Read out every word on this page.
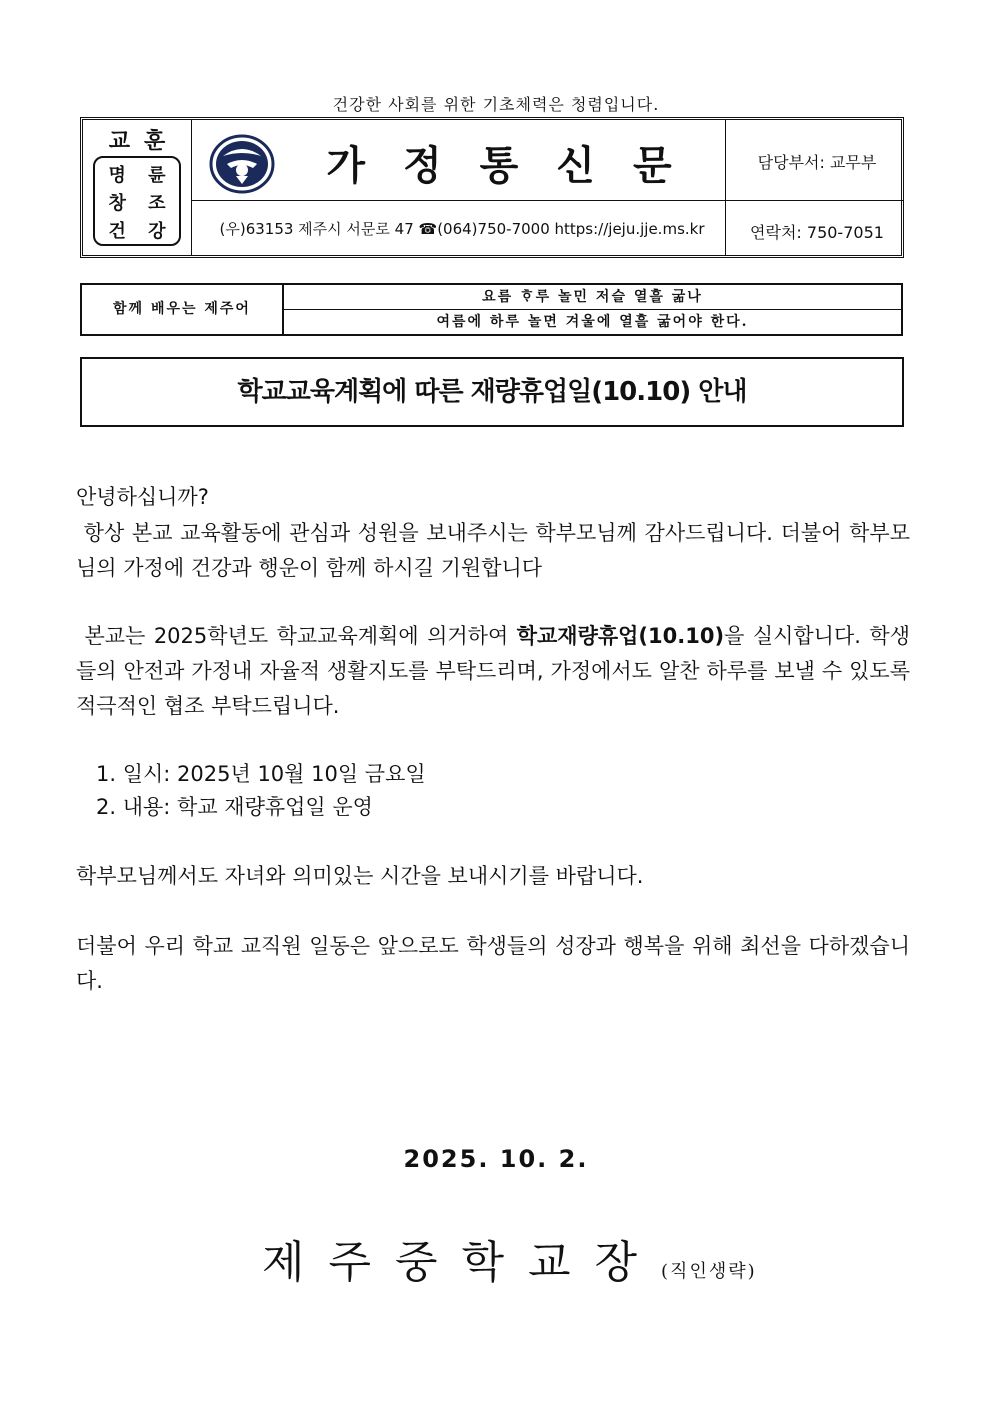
건강한 사회를 위한 기초체력은 청렴입니다.
교훈
명 륜
창 조
건 강
가정통신문	담당부서: 교무부
(우)63153 제주시 서문로 47 ☎(064)750-7000 https://jeju.jje.ms.kr	연락처: 750-7051
함께 배우는 제주어
요름 ᄒᆞ루 놀민 저슬 열흘 굶나
여름에 하루 놀면 겨울에 열흘 굶어야 한다.
학교교육계획에 따른 재량휴업일(10.10) 안내
안녕하십니까?
항상 본교 교육활동에 관심과 성원을 보내주시는 학부모님께 감사드립니다. 더불어 학부모님의 가정에 건강과 행운이 함께 하시길 기원합니다
본교는 2025학년도 학교교육계획에 의거하여 학교재량휴업(10.10)을 실시합니다. 학생들의 안전과 가정내 자율적 생활지도를 부탁드리며, 가정에서도 알찬 하루를 보낼 수 있도록 적극적인 협조 부탁드립니다.
1. 일시: 2025년 10월 10일 금요일
2. 내용: 학교 재량휴업일 운영
학부모님께서도 자녀와 의미있는 시간을 보내시기를 바랍니다.
더불어 우리 학교 교직원 일동은 앞으로도 학생들의 성장과 행복을 위해 최선을 다하겠습니다.
2025. 10. 2.
제주중학교장(직인생략)
